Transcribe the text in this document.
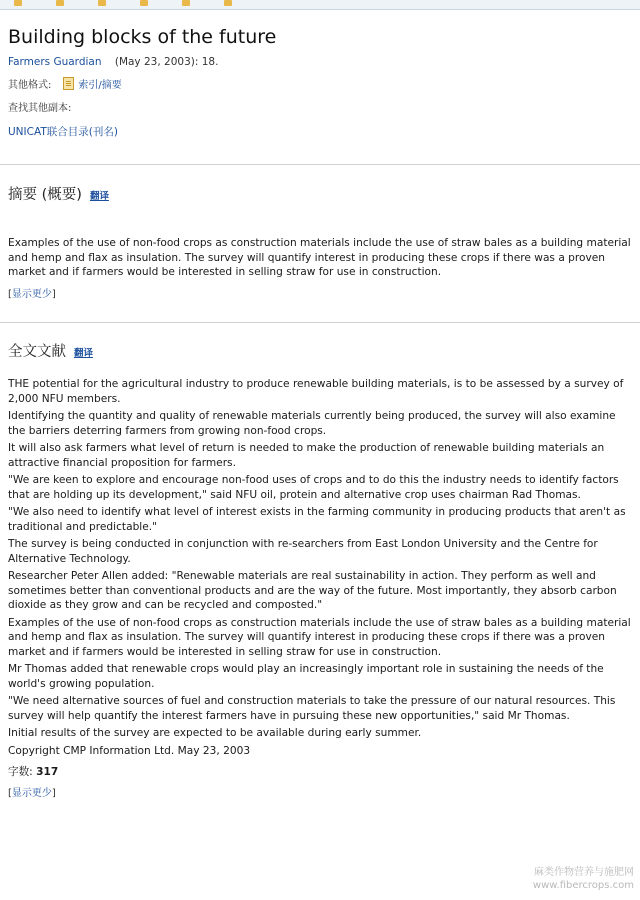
Building blocks of the future
Farmers Guardian (May 23, 2003): 18.
其他格式:	索引/摘要
查找其他副本:
UNICAT联合目录(刊名)
摘要 (概要) 翻译
Examples of the use of non-food crops as construction materials include the use of straw bales as a building material and hemp and flax as insulation. The survey will quantify interest in producing these crops if there was a proven market and if farmers would be interested in selling straw for use in construction.
[显示更少]
全文文献 翻译

THE potential for the agricultural industry to produce renewable building materials, is to be assessed by a survey of 2,000 NFU members.

Identifying the quantity and quality of renewable materials currently being produced, the survey will also examine the barriers deterring farmers from growing non-food crops.

It will also ask farmers what level of return is needed to make the production of renewable building materials an attractive financial proposition for farmers.

"We are keen to explore and encourage non-food uses of crops and to do this the industry needs to identify factors that are holding up its development," said NFU oil, protein and alternative crop uses chairman Rad Thomas.

"We also need to identify what level of interest exists in the farming community in producing products that aren't as traditional and predictable."

The survey is being conducted in conjunction with re-searchers from East London University and the Centre for Alternative Technology.

Researcher Peter Allen added: "Renewable materials are real sustainability in action. They perform as well and sometimes better than conventional products and are the way of the future. Most importantly, they absorb carbon dioxide as they grow and can be recycled and composted."

Examples of the use of non-food crops as construction materials include the use of straw bales as a building material and hemp and flax as insulation. The survey will quantify interest in producing these crops if there was a proven market and if farmers would be interested in selling straw for use in construction.

Mr Thomas added that renewable crops would play an increasingly important role in sustaining the needs of the world's growing population.

"We need alternative sources of fuel and construction materials to take the pressure of our natural resources. This survey will help quantify the interest farmers have in pursuing these new opportunities," said Mr Thomas.

Initial results of the survey are expected to be available during early summer.

Copyright CMP Information Ltd. May 23, 2003

字数: 317
[显示更少]
麻类作物营养与施肥网
www.fibercrops.com
